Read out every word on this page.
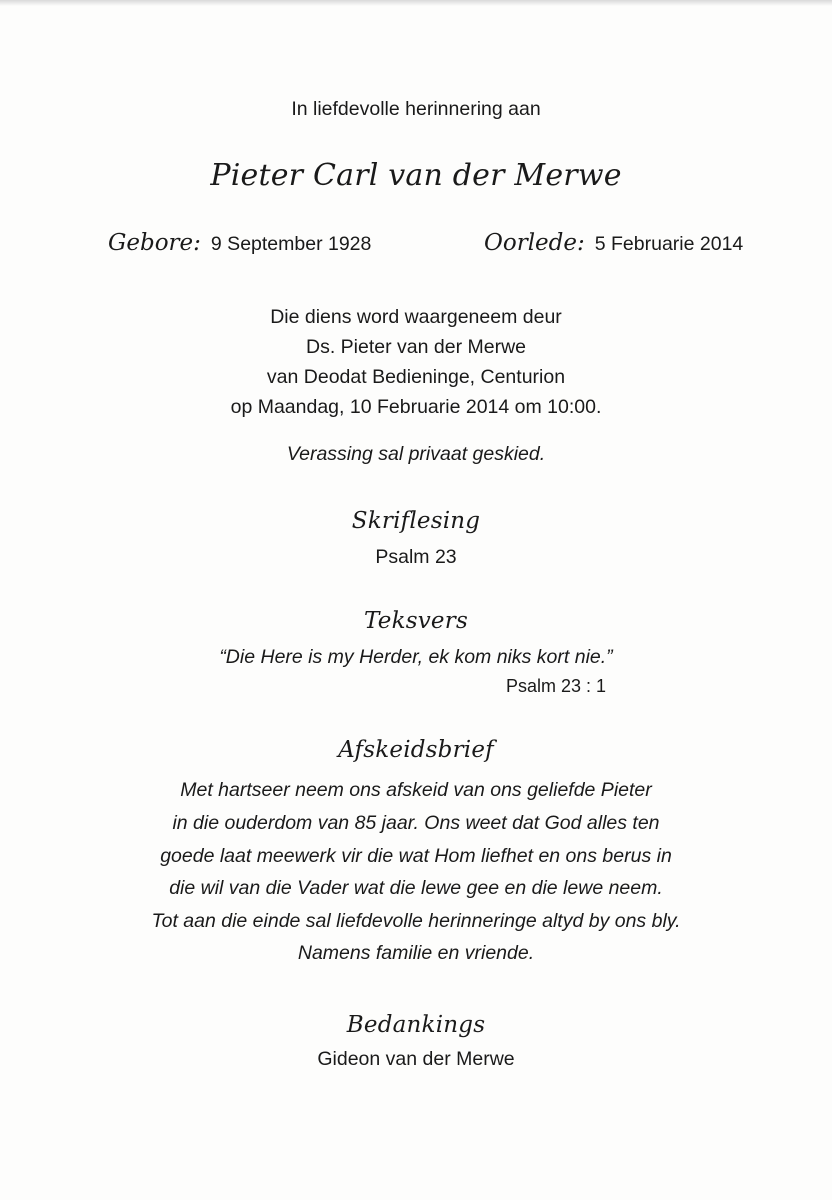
In liefdevolle herinnering aan
Pieter Carl van der Merwe
Gebore: 9 September 1928	Oorlede: 5 Februarie 2014
Die diens word waargeneem deur
Ds. Pieter van der Merwe
van Deodat Bedieninge, Centurion
op Maandag, 10 Februarie 2014 om 10:00.
Verassing sal privaat geskied.
Skriflesing
Psalm 23
Teksvers
“Die Here is my Herder, ek kom niks kort nie.”
Psalm 23 : 1
Afskeidsbrief
Met hartseer neem ons afskeid van ons geliefde Pieter
in die ouderdom van 85 jaar. Ons weet dat God alles ten
goede laat meewerk vir die wat Hom liefhet en ons berus in
die wil van die Vader wat die lewe gee en die lewe neem.
Tot aan die einde sal liefdevolle herinneringe altyd by ons bly.
Namens familie en vriende.
Bedankings
Gideon van der Merwe
